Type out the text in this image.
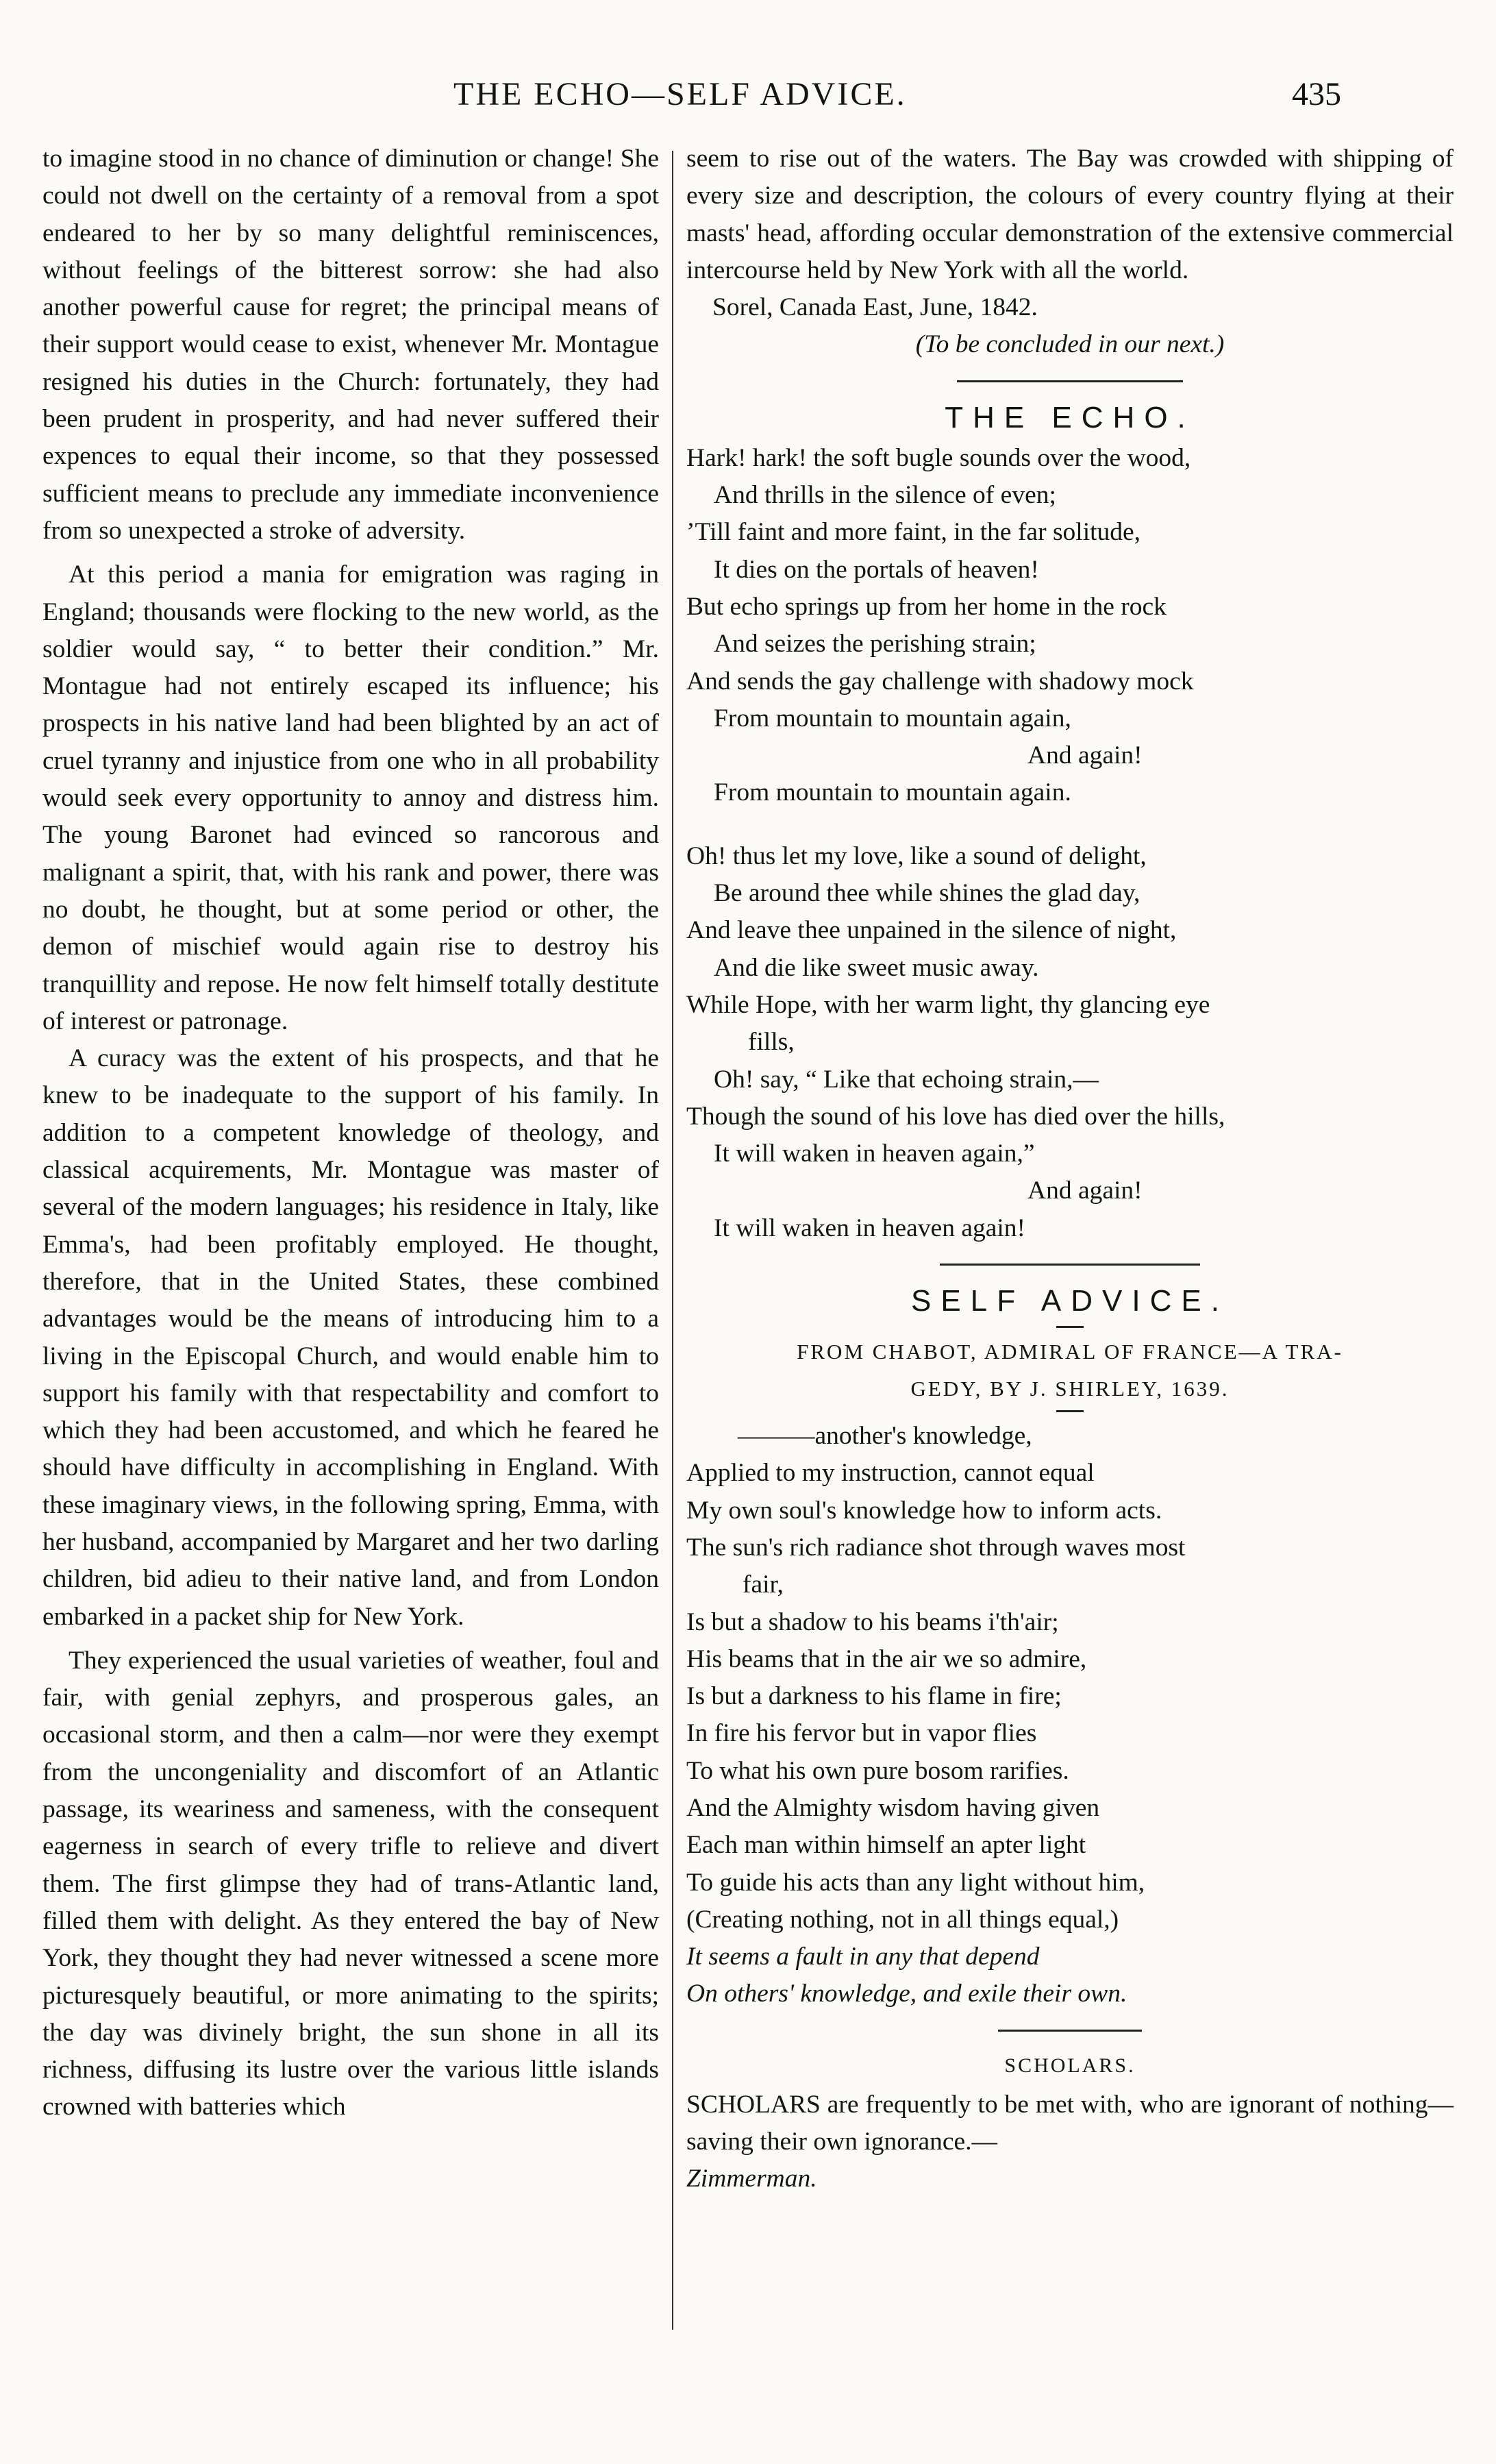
THE ECHO—SELF ADVICE.	435

to imagine stood in no chance of diminution or change! She could not dwell on the certainty of a removal from a spot endeared to her by so many delightful reminiscences, without feelings of the bitterest sorrow: she had also another powerful cause for regret; the principal means of their support would cease to exist, whenever Mr. Montague resigned his duties in the Church: fortunately, they had been prudent in prosperity, and had never suffered their expences to equal their income, so that they possessed sufficient means to preclude any immediate inconvenience from so unexpected a stroke of adversity.

At this period a mania for emigration was raging in England; thousands were flocking to the new world, as the soldier would say, “ to better their condition.” Mr. Montague had not entirely escaped its influence; his prospects in his native land had been blighted by an act of cruel tyranny and injustice from one who in all probability would seek every opportunity to annoy and distress him. The young Baronet had evinced so rancorous and malignant a spirit, that, with his rank and power, there was no doubt, he thought, but at some period or other, the demon of mischief would again rise to destroy his tranquillity and repose. He now felt himself totally destitute of interest or patronage.

A curacy was the extent of his prospects, and that he knew to be inadequate to the support of his family. In addition to a competent knowledge of theology, and classical acquirements, Mr. Montague was master of several of the modern languages; his residence in Italy, like Emma's, had been profitably employed. He thought, therefore, that in the United States, these combined advantages would be the means of introducing him to a living in the Episcopal Church, and would enable him to support his family with that respectability and comfort to which they had been accustomed, and which he feared he should have difficulty in accomplishing in England. With these imaginary views, in the following spring, Emma, with her husband, accompanied by Margaret and her two darling children, bid adieu to their native land, and from London embarked in a packet ship for New York.

They experienced the usual varieties of weather, foul and fair, with genial zephyrs, and prosperous gales, an occasional storm, and then a calm—nor were they exempt from the uncongeniality and discomfort of an Atlantic passage, its weariness and sameness, with the consequent eagerness in search of every trifle to relieve and divert them. The first glimpse they had of trans-Atlantic land, filled them with delight. As they entered the bay of New York, they thought they had never witnessed a scene more picturesquely beautiful, or more animating to the spirits; the day was divinely bright, the sun shone in all its richness, diffusing its lustre over the various little islands crowned with batteries which

seem to rise out of the waters. The Bay was crowded with shipping of every size and description, the colours of every country flying at their masts' head, affording occular demonstration of the extensive commercial intercourse held by New York with all the world.

Sorel, Canada East, June, 1842.

(To be concluded in our next.)

THE ECHO.
Hark! hark! the soft bugle sounds over the wood,
And thrills in the silence of even;
’Till faint and more faint, in the far solitude,
It dies on the portals of heaven!
But echo springs up from her home in the rock
And seizes the perishing strain;
And sends the gay challenge with shadowy mock
From mountain to mountain again,
And again!
From mountain to mountain again.
Oh! thus let my love, like a sound of delight,
Be around thee while shines the glad day,
And leave thee unpained in the silence of night,
And die like sweet music away.
While Hope, with her warm light, thy glancing eye
fills,
Oh! say, “ Like that echoing strain,—
Though the sound of his love has died over the hills,
It will waken in heaven again,”
And again!
It will waken in heaven again!
SELF ADVICE.
FROM CHABOT, ADMIRAL OF FRANCE—A TRA-
GEDY, BY J. SHIRLEY, 1639.
———another's knowledge,
Applied to my instruction, cannot equal
My own soul's knowledge how to inform acts.
The sun's rich radiance shot through waves most
fair,
Is but a shadow to his beams i'th'air;
His beams that in the air we so admire,
Is but a darkness to his flame in fire;
In fire his fervor but in vapor flies
To what his own pure bosom rarifies.
And the Almighty wisdom having given
Each man within himself an apter light
To guide his acts than any light without him,
(Creating nothing, not in all things equal,)
It seems a fault in any that depend
On others' knowledge, and exile their own.
SCHOLARS.

SCHOLARS are frequently to be met with, who are ignorant of nothing—saving their own ignorance.—

Zimmerman.
